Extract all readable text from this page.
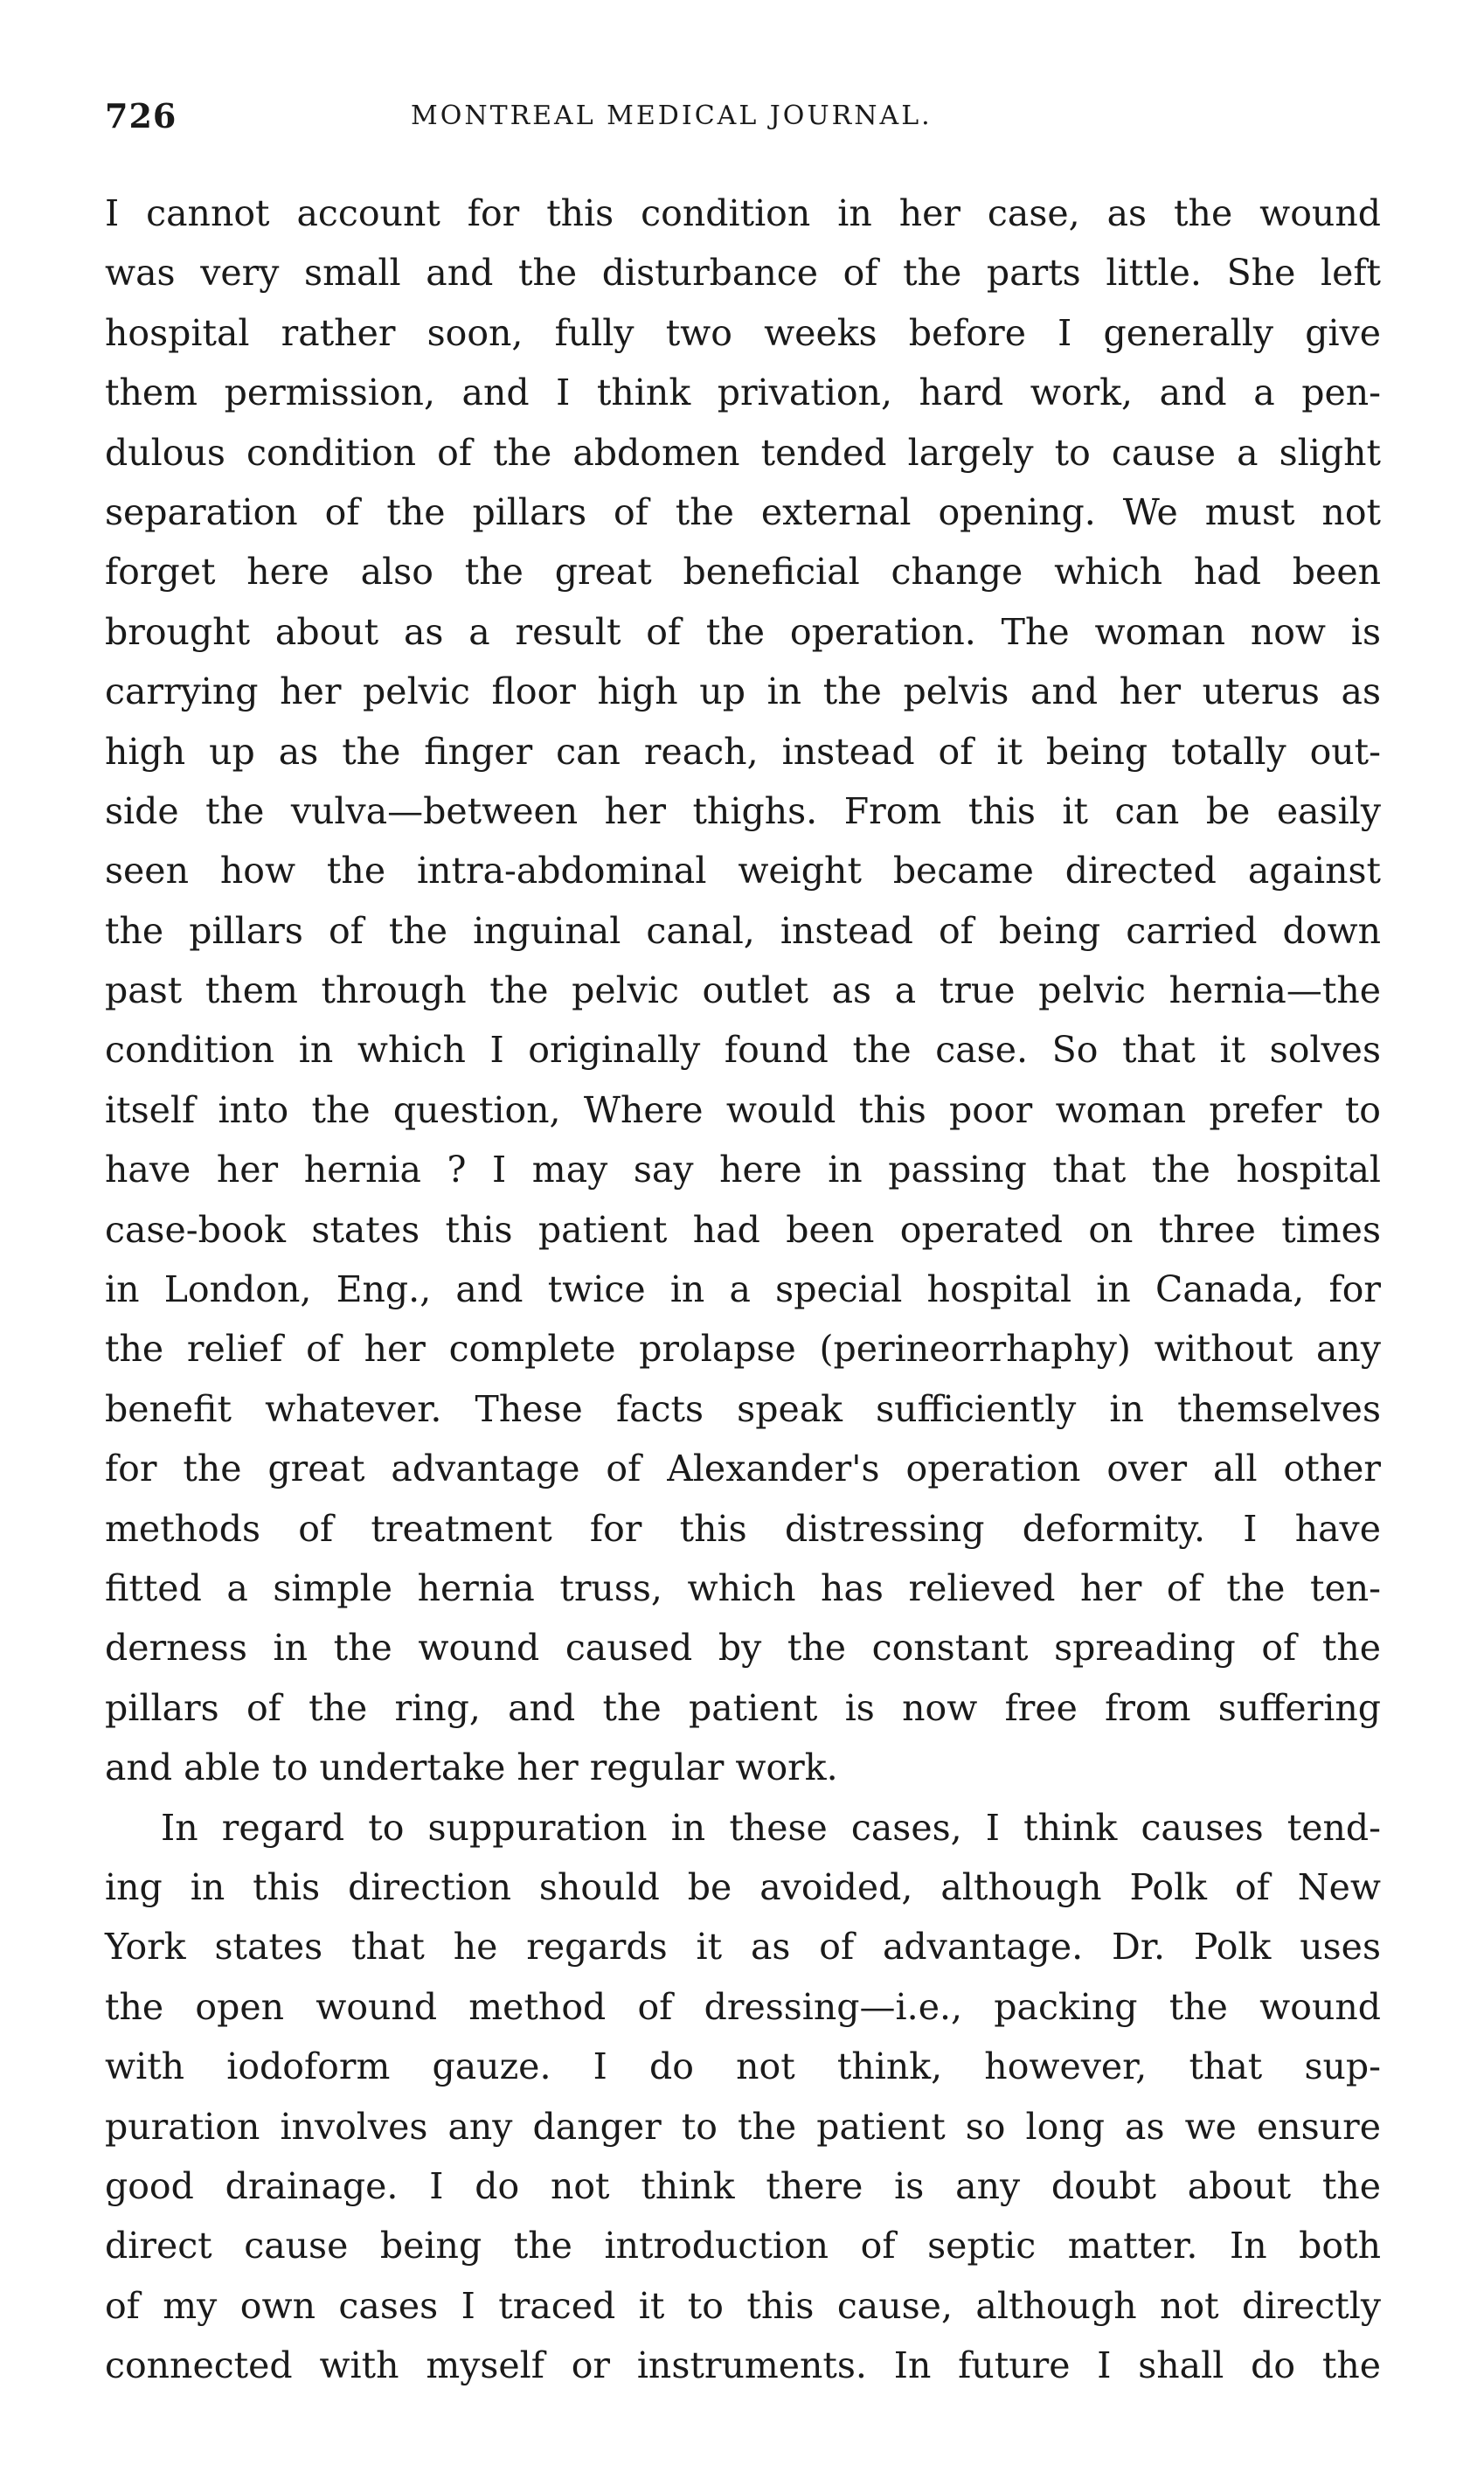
726	MONTREAL MEDICAL JOURNAL.
I cannot account for this condition in her case, as the wound
was very small and the disturbance of the parts little. She left
hospital rather soon, fully two weeks before I generally give
them permission, and I think privation, hard work, and a pen-
dulous condition of the abdomen tended largely to cause a slight
separation of the pillars of the external opening. We must not
forget here also the great beneficial change which had been
brought about as a result of the operation. The woman now is
carrying her pelvic floor high up in the pelvis and her uterus as
high up as the finger can reach, instead of it being totally out-
side the vulva—between her thighs. From this it can be easily
seen how the intra-abdominal weight became directed against
the pillars of the inguinal canal, instead of being carried down
past them through the pelvic outlet as a true pelvic hernia—the
condition in which I originally found the case. So that it solves
itself into the question, Where would this poor woman prefer to
have her hernia ? I may say here in passing that the hospital
case-book states this patient had been operated on three times
in London, Eng., and twice in a special hospital in Canada, for
the relief of her complete prolapse (perineorrhaphy) without any
benefit whatever. These facts speak sufficiently in themselves
for the great advantage of Alexander's operation over all other
methods of treatment for this distressing deformity. I have
fitted a simple hernia truss, which has relieved her of the ten-
derness in the wound caused by the constant spreading of the
pillars of the ring, and the patient is now free from suffering
and able to undertake her regular work.
In regard to suppuration in these cases, I think causes tend-
ing in this direction should be avoided, although Polk of New
York states that he regards it as of advantage. Dr. Polk uses
the open wound method of dressing—i.e., packing the wound
with iodoform gauze. I do not think, however, that sup-
puration involves any danger to the patient so long as we ensure
good drainage. I do not think there is any doubt about the
direct cause being the introduction of septic matter. In both
of my own cases I traced it to this cause, although not directly
connected with myself or instruments. In future I shall do the
